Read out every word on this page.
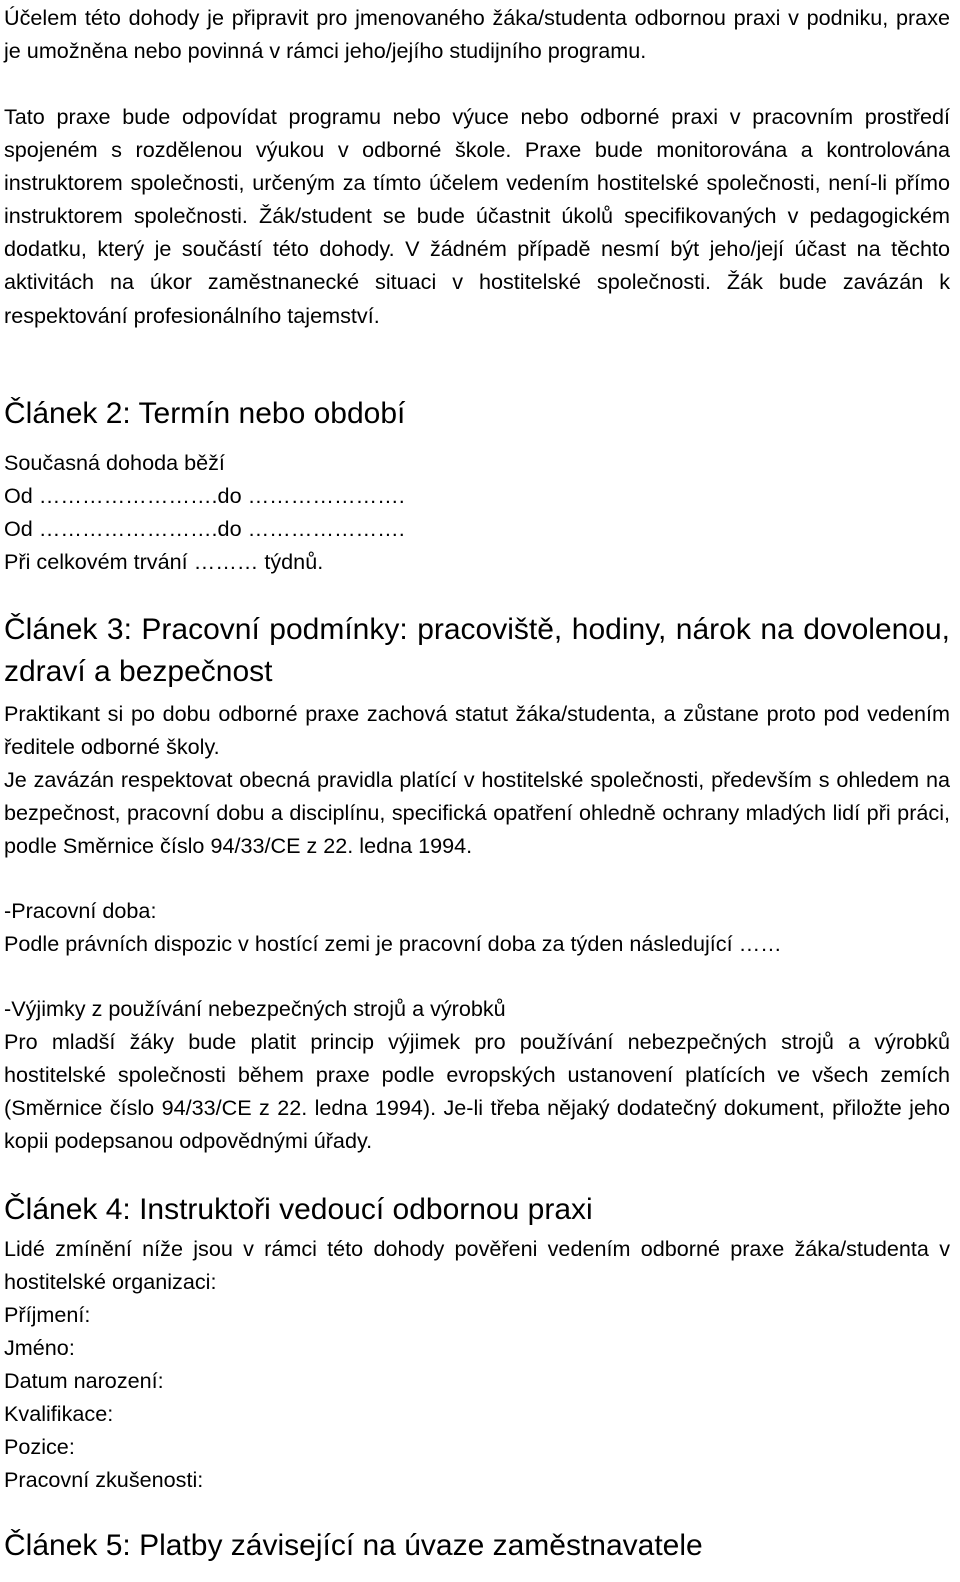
Účelem této dohody je připravit pro jmenovaného žáka/studenta odbornou praxi v podniku, praxe je umožněna nebo povinná v rámci jeho/jejího studijního programu.

Tato praxe bude odpovídat programu nebo výuce nebo odborné praxi v pracovním prostředí spojeném s rozdělenou výukou v odborné škole. Praxe bude monitorována a kontrolována instruktorem společnosti, určeným za tímto účelem vedením hostitelské společnosti, není-li přímo instruktorem společnosti. Žák/student se bude účastnit úkolů specifikovaných v pedagogickém dodatku, který je součástí této dohody. V žádném případě nesmí být jeho/její účast na těchto aktivitách na úkor zaměstnanecké situaci v hostitelské společnosti. Žák bude zavázán k respektování profesionálního tajemství.

Článek 2: Termín nebo období
Současná dohoda běží
Od …………………….do ………………….
Od …………………….do ………………….
Při celkovém trvání ……… týdnů.
Článek 3: Pracovní podmínky: pracoviště, hodiny, nárok na dovolenou, zdraví a bezpečnost

Praktikant si po dobu odborné praxe zachová statut žáka/studenta, a zůstane proto pod vedením ředitele odborné školy.

Je zavázán respektovat obecná pravidla platící v hostitelské společnosti, především s ohledem na bezpečnost, pracovní dobu a disciplínu, specifická opatření ohledně ochrany mladých lidí při práci, podle Směrnice číslo 94/33/CE z 22. ledna 1994.

-Pracovní doba:
Podle právních dispozic v hostící zemi je pracovní doba za týden následující ……
-Výjimky z používání nebezpečných strojů a výrobků

Pro mladší žáky bude platit princip výjimek pro používání nebezpečných strojů a výrobků hostitelské společnosti během praxe podle evropských ustanovení platících ve všech zemích (Směrnice číslo 94/33/CE z 22. ledna 1994). Je-li třeba nějaký dodatečný dokument, přiložte jeho kopii podepsanou odpovědnými úřady.

Článek 4: Instruktoři vedoucí odbornou praxi

Lidé zmínění níže jsou v rámci této dohody pověřeni vedením odborné praxe žáka/studenta v hostitelské organizaci:

Příjmení:
Jméno:
Datum narození:
Kvalifikace:
Pozice:
Pracovní zkušenosti:
Článek 5: Platby závisející na úvaze zaměstnavatele
